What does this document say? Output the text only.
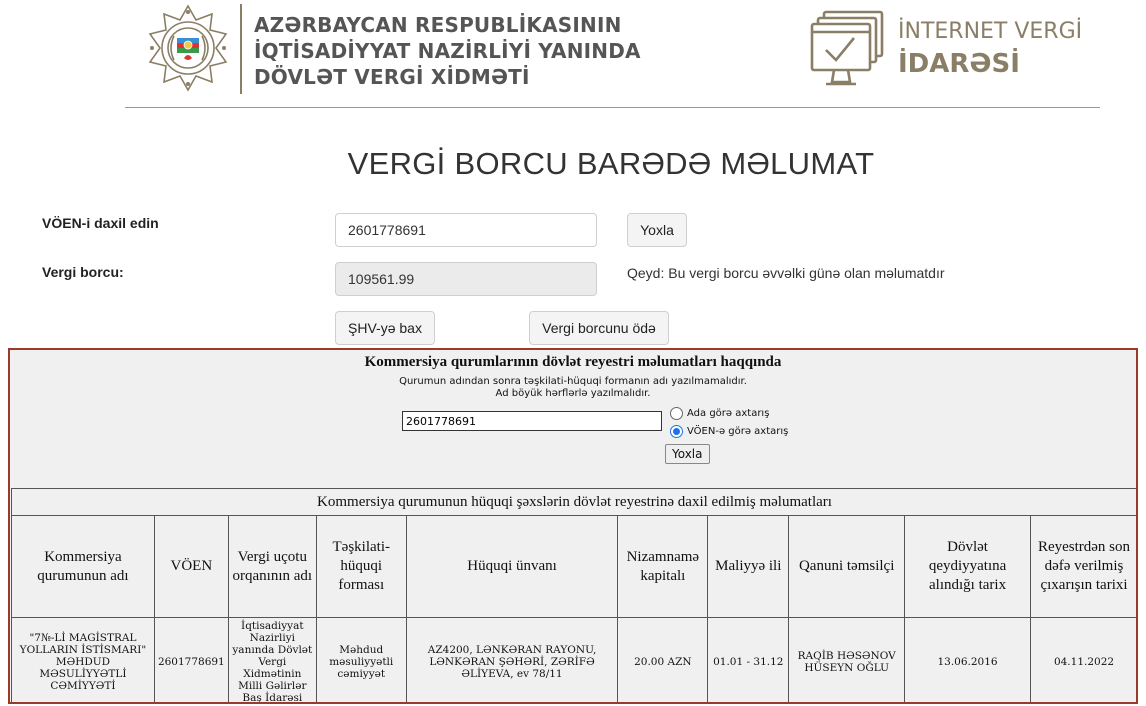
AZƏRBAYCAN RESPUBLİKASININ
İQTİSADİYYAT NAZİRLİYİ YANINDA
DÖVLƏT VERGİ XİDMƏTİ
İNTERNET VERGİ
İDARƏSİ
VERGİ BORCU BARƏDƏ MƏLUMAT
VÖEN-i daxil edin
2601778691	Yoxla
Vergi borcu:
109561.99	Qeyd: Bu vergi borcu əvvəlki günə olan məlumatdır
ŞHV-yə bax	Vergi borcunu ödə
Kommersiya qurumlarının dövlət reyestri məlumatları haqqında
Qurumun adından sonra təşkilati-hüquqi formanın adı yazılmamalıdır.
Ad böyük hərflərlə yazılmalıdır.
2601778691
Ada görə axtarış
VÖEN-ə görə axtarış
Yoxla
Kommersiya qurumunun hüquqi şəxslərin dövlət reyestrinə daxil edilmiş məlumatları									
Kommersiya qurumunun adı	VÖEN	Vergi uçotu orqanının adı	Təşkilati-hüquqi forması	Hüquqi ünvanı	Nizamnamə kapitalı	Maliyyə ili	Qanuni təmsilçi	Dövlət qeydiyyatına alındığı tarix	Reyestrdən son dəfə verilmiş çıxarışın tarixi
"7№-Lİ MAGİSTRAL YOLLARIN İSTİSMARI" MƏHDUD MƏSULİYYƏTLİ CƏMİYYƏTİ	2601778691	İqtisadiyyat Nazirliyi yanında Dövlət Vergi Xidmətinin Milli Gəlirlər Baş İdarəsi	Məhdud məsuliyyətli cəmiyyət	AZ4200, LƏNKƏRAN RAYONU, LƏNKƏRAN ŞƏHƏRİ, ZƏRİFƏ ƏLİYEVA, ev 78/11	20.00 AZN	01.01 - 31.12	RAQİB HƏSƏNOV HÜSEYN OĞLU	13.06.2016	04.11.2022
